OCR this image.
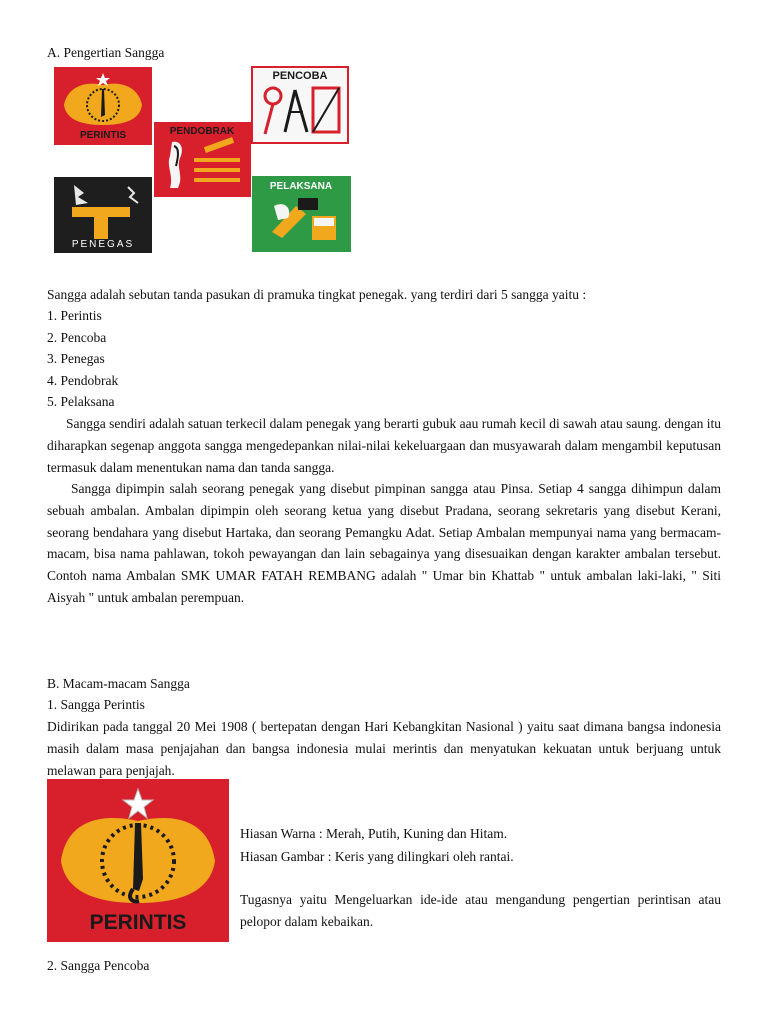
A. Pengertian Sangga
PERINTIS	PENDOBRAK
PENCOBA
PENEGAS
PELAKSANA
Sangga adalah sebutan tanda pasukan di pramuka tingkat penegak. yang terdiri dari 5 sangga yaitu :
1. Perintis
2. Pencoba
3. Penegas
4. Pendobrak
5. Pelaksana
Sangga sendiri adalah satuan terkecil dalam penegak yang berarti gubuk aau rumah kecil di sawah atau saung. dengan itu diharapkan segenap anggota sangga mengedepankan nilai-nilai kekeluargaan dan musyawarah dalam mengambil keputusan termasuk dalam menentukan nama dan tanda sangga.
Sangga dipimpin salah seorang penegak yang disebut pimpinan sangga atau Pinsa. Setiap 4 sangga dihimpun dalam sebuah ambalan. Ambalan dipimpin oleh seorang ketua yang disebut Pradana, seorang sekretaris yang disebut Kerani, seorang bendahara yang disebut Hartaka, dan seorang Pemangku Adat. Setiap Ambalan mempunyai nama yang bermacam-macam, bisa nama pahlawan, tokoh pewayangan dan lain sebagainya yang disesuaikan dengan karakter ambalan tersebut. Contoh nama Ambalan SMK UMAR FATAH REMBANG adalah " Umar bin Khattab " untuk ambalan laki-laki, " Siti Aisyah " untuk ambalan perempuan.
B. Macam-macam Sangga
1. Sangga Perintis
Didirikan pada tanggal 20 Mei 1908 ( bertepatan dengan Hari Kebangkitan Nasional ) yaitu saat dimana bangsa indonesia masih dalam masa penjajahan dan bangsa indonesia mulai merintis dan menyatukan kekuatan untuk berjuang untuk melawan para penjajah.
PERINTIS
Hiasan Warna : Merah, Putih, Kuning dan Hitam.
Hiasan Gambar : Keris yang dilingkari oleh rantai.
Tugasnya yaitu Mengeluarkan ide-ide atau mengandung pengertian perintisan atau pelopor dalam kebaikan.
2. Sangga Pencoba
